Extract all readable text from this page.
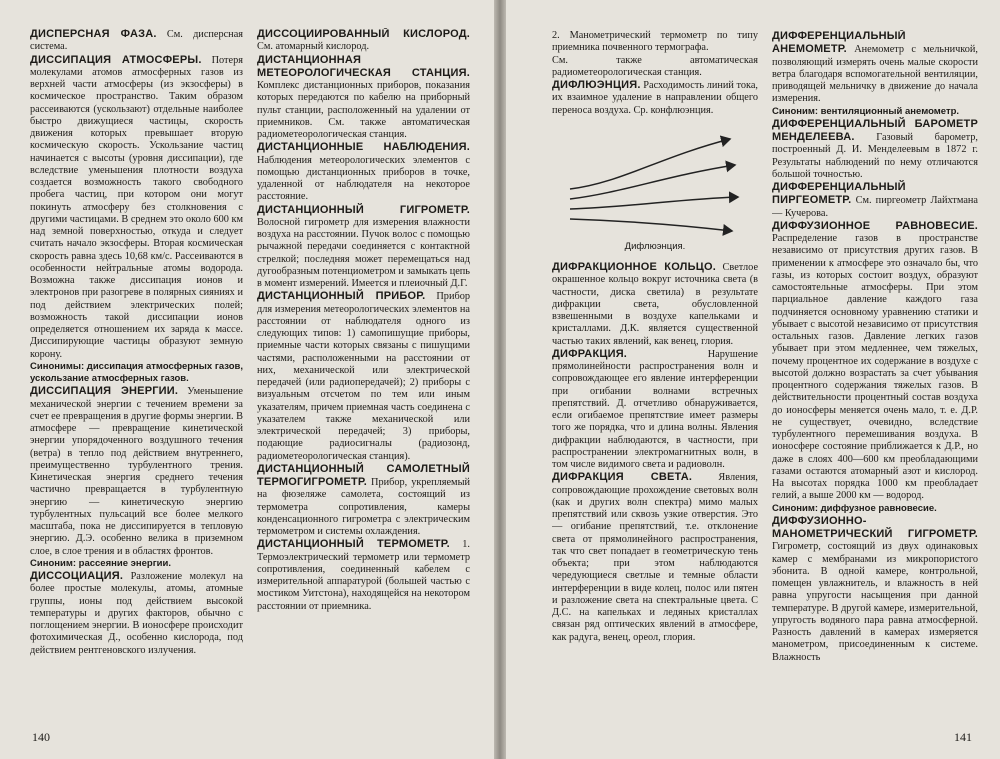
ДИСПЕРСНАЯ ФАЗА. См. дисперсная система.

ДИССИПАЦИЯ АТМОСФЕРЫ. Потеря молекулами атомов атмосферных газов из верхней части атмосферы (из экзосферы) в космическое пространство. Таким образом рассеиваются (ускользают) отдельные наиболее быстро движущиеся частицы, скорость движения которых превышает вторую космическую скорость. Ускользание частиц начинается с высоты (уровня диссипации), где вследствие уменьшения плотности воздуха создается возможность такого свободного пробега частиц, при котором они могут покинуть атмосферу без столкновения с другими частицами. В среднем это около 600 км над земной поверхностью, откуда и следует считать начало экзосферы. Вторая космическая скорость равна здесь 10,68 км/с. Рассеиваются в особенности нейтральные атомы водорода. Возможна также диссипация ионов и электронов при разогреве в полярных сияниях и под действием электрических полей; возможность такой диссипации ионов определяется отношением их заряда к массе. Диссипирующие частицы образуют земную корону.

Синонимы: диссипация атмосферных газов, ускользание атмосферных газов.

ДИССИПАЦИЯ ЭНЕРГИИ. Уменьшение механической энергии с течением времени за счет ее превращения в другие формы энергии. В атмосфере — превращение кинетической энергии упорядоченного воздушного течения (ветра) в тепло под действием внутреннего, преимущественно турбулентного трения. Кинетическая энергия среднего течения частично превращается в турбулентную энергию — кинетическую энергию турбулентных пульсаций все более мелкого масштаба, пока не диссипируется в тепловую энергию. Д.Э. особенно велика в приземном слое, в слое трения и в областях фронтов.

Синоним: рассеяние энергии.

ДИССОЦИАЦИЯ. Разложение молекул на более простые молекулы, атомы, атомные группы, ионы под действием высокой температуры и других факторов, обычно с поглощением энергии. В ионосфере происходит фотохимическая Д., особенно кислорода, под действием рентгеновского излучения.

ДИССОЦИИРОВАННЫЙ КИСЛОРОД. См. атомарный кислород.

ДИСТАНЦИОННАЯ МЕТЕОРОЛОГИЧЕСКАЯ СТАНЦИЯ. Комплекс дистанционных приборов, показания которых передаются по кабелю на приборный пульт станции, расположенный на удалении от приемников. См. также автоматическая радиометеорологическая станция.

ДИСТАНЦИОННЫЕ НАБЛЮДЕНИЯ. Наблюдения метеорологических элементов с помощью дистанционных приборов в точке, удаленной от наблюдателя на некоторое расстояние.

ДИСТАНЦИОННЫЙ ГИГРОМЕТР. Волосной гигрометр для измерения влажности воздуха на расстоянии. Пучок волос с помощью рычажной передачи соединяется с контактной стрелкой; последняя может перемещаться над дугообразным потенциометром и замыкать цепь в момент измерений. Имеется и плеиочный Д.Г.

ДИСТАНЦИОННЫЙ ПРИБОР. Прибор для измерения метеорологических элементов на расстоянии от наблюдателя одного из следующих типов: 1) самопишущие приборы, приемные части которых связаны с пишущими частями, расположенными на расстоянии от них, механической или электрической передачей (или радиопередачей); 2) приборы с визуальным отсчетом по тем или иным указателям, причем приемная часть соединена с указателем также механической или электрической передачей; 3) приборы, подающие радиосигналы (радиозонд, радиометеорологическая станция).

ДИСТАНЦИОННЫЙ САМОЛЕТНЫЙ ТЕРМОГИГРОМЕТР. Прибор, укрепляемый на фюзеляже самолета, состоящий из термометра сопротивления, камеры конденсационного гигрометра с электрическим термометром и системы охлаждения.

ДИСТАНЦИОННЫЙ ТЕРМОМЕТР. 1. Термоэлектрический термометр или термометр сопротивления, соединенный кабелем с измерительной аппаратурой (большей частью с мостиком Уитстона), находящейся на некотором расстоянии от приемника.

140

2. Манометрический термометр по типу приемника почвенного термографа.

См. также автоматическая радиометеорологическая станция.

ДИФЛЮЭНЦИЯ. Расходимость линий тока, их взаимное удаление в направлении общего переноса воздуха. Ср. конфлюэнция.

Дифлюэнция.

ДИФРАКЦИОННОЕ КОЛЬЦО. Светлое окрашенное кольцо вокруг источника света (в частности, диска светила) в результате дифракции света, обусловленной взвешенными в воздухе капельками и кристаллами. Д.К. является существенной частью таких явлений, как венец, глория.

ДИФРАКЦИЯ.	Нарушение прямолинейности распространения волн и сопровождающее его явление интерференции при огибании волнами встречных препятствий. Д. отчетливо обнаруживается, если огибаемое препятствие имеет размеры того же порядка, что и длина волны. Явления дифракции наблюдаются, в частности, при распространении электромагнитных волн, в том числе видимого света и радиоволн.

ДИФРАКЦИЯ СВЕТА.	Явления, сопровождающие прохождение световых волн (как и других волн спектра) мимо малых препятствий или сквозь узкие отверстия. Это — огибание препятствий, т.е. отклонение света от прямолинейного распространения, так что свет попадает в геометрическую тень объекта; при этом наблюдаются чередующиеся светлые и темные области интерференции в виде колец, полос или пятен и разложение света на спектральные цвета. С Д.С. на капельках и ледяных кристаллах связан ряд оптических явлений в атмосфере, как радуга, венец, ореол, глория.

ДИФФЕРЕНЦИАЛЬНЫЙ АНЕМОМЕТР. Анемометр с мельничкой, позволяющий измерять очень малые скорости ветра благодаря вспомогательной вентиляции, приводящей мельничку в движение до начала измерения.

Синоним: вентиляционный анемометр.

ДИФФЕРЕНЦИАЛЬНЫЙ БАРОМЕТР МЕНДЕЛЕЕВА. Газовый барометр, построенный Д. И. Менделеевым в 1872 г. Результаты наблюдений по нему отличаются большой точностью.

ДИФФЕРЕНЦИАЛЬНЫЙ ПИРГЕОМЕТР. См. пиргеометр Лайхтмана — Кучерова.

ДИФФУЗИОННОЕ РАВНОВЕСИЕ. Распределение газов в пространстве независимо от присутствия других газов. В применении к атмосфере это означало бы, что газы, из которых состоит воздух, образуют самостоятельные атмосферы. При этом парциальное давление каждого газа подчиняется основному уравнению статики и убывает с высотой независимо от присутствия остальных газов. Давление легких газов убывает при этом медленнее, чем тяжелых, почему процентное их содержание в воздухе с высотой должно возрастать за счет убывания процентного содержания тяжелых газов. В действительности процентный состав воздуха до ионосферы меняется очень мало, т. е. Д.Р. не существует, очевидно, вследствие турбулентного перемешивания воздуха. В ионосфере состояние приближается к Д.Р., но даже в слоях 400—600 км преобладающими газами остаются атомарный азот и кислород. На высотах порядка 1000 км преобладает гелий, а выше 2000 км — водород.

Синоним: диффузное равновесие.

ДИФФУЗИОННО-МАНОМЕТРИЧЕСКИЙ ГИГРОМЕТР. Гигрометр, состоящий из двух одинаковых камер с мембранами из микропористого эбонита. В одной камере, контрольной, помещен увлажнитель, и влажность в ней равна упругости насыщения при данной температуре. В другой камере, измерительной, упругость водяного пара равна атмосферной. Разность давлений в камерах измеряется манометром, присоединенным к системе. Влажность

141
